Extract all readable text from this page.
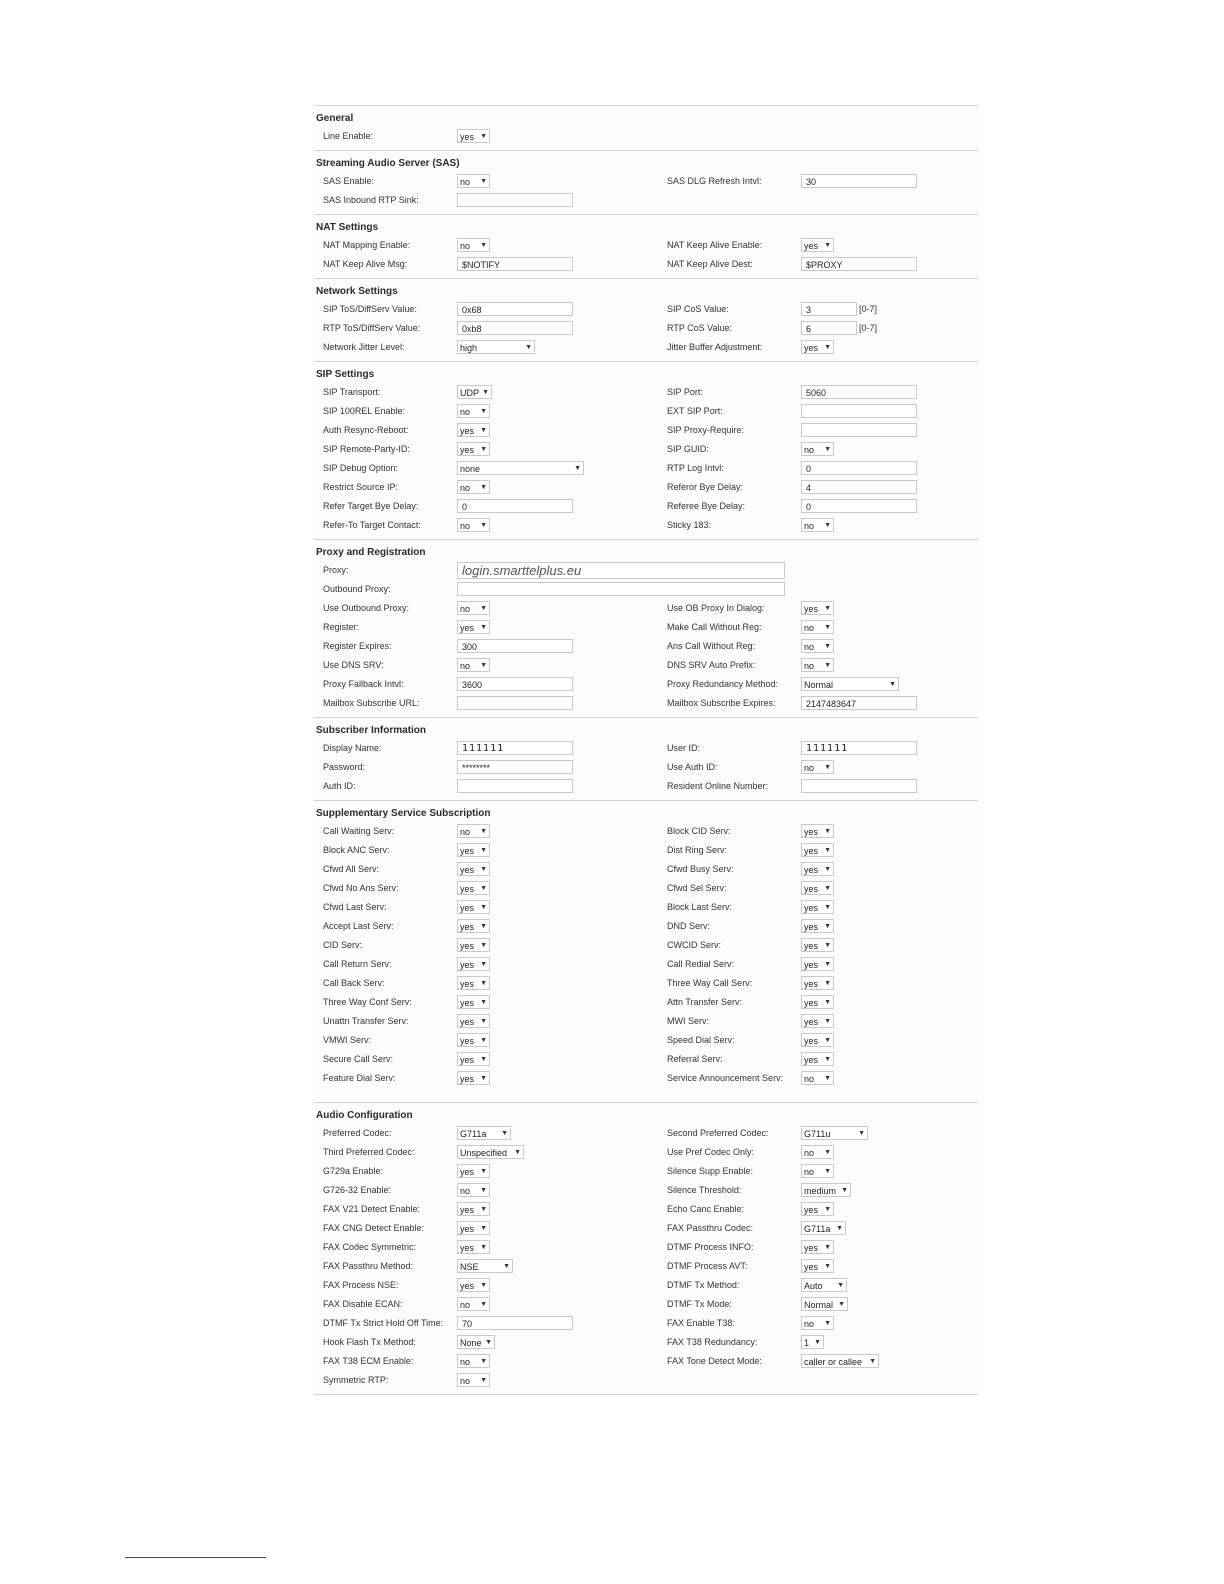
General
Line Enable:	yes ▼
Streaming Audio Server (SAS)
SAS Enable:	no ▼	SAS DLG Refresh Intvl:	30
SAS Inbound RTP Sink:
NAT Settings
NAT Mapping Enable:	no ▼	NAT Keep Alive Enable:	yes ▼
NAT Keep Alive Msg:	$NOTIFY	NAT Keep Alive Dest:	$PROXY
Network Settings
SIP ToS/DiffServ Value:	0x68	SIP CoS Value:	3	[0-7]
RTP ToS/DiffServ Value:	0xb8	RTP CoS Value:	6	[0-7]
Network Jitter Level:	high	▼	Jitter Buffer Adjustment:	yes ▼
SIP Settings
SIP Transport:	UDP ▼	SIP Port:	5060
SIP 100REL Enable:	no ▼	EXT SIP Port:
Auth Resync-Reboot:	yes ▼	SIP Proxy-Require:
SIP Remote-Party-ID:	yes ▼	SIP GUID:	no ▼
SIP Debug Option:	none	▼	RTP Log Intvl:	0
Restrict Source IP:	no ▼	Referor Bye Delay:	4
Refer Target Bye Delay:	0	Referee Bye Delay:	0
Refer-To Target Contact:	no ▼	Sticky 183:	no ▼
Proxy and Registration
Proxy:	login.smarttelplus.eu
Outbound Proxy:
Use Outbound Proxy:	no ▼	Use OB Proxy In Dialog:	yes ▼
Register:	yes ▼	Make Call Without Reg:	no ▼
Register Expires:	300	Ans Call Without Reg:	no ▼
Use DNS SRV:	no ▼	DNS SRV Auto Prefix:	no ▼
Proxy Fallback Intvl:	3600	Proxy Redundancy Method:	Normal	▼
Mailbox Subscribe URL:	Mailbox Subscribe Expires:	2147483647
Subscriber Information
Display Name:	111111	User ID:	111111
Password:	********	Use Auth ID:	no ▼
Auth ID:	Resident Online Number:
Supplementary Service Subscription
Call Waiting Serv:	no ▼	Block CID Serv:	yes ▼
Block ANC Serv:	yes ▼	Dist Ring Serv:	yes ▼
Cfwd All Serv:	yes ▼	Cfwd Busy Serv:	yes ▼
Cfwd No Ans Serv:	yes ▼	Cfwd Sel Serv:	yes ▼
Cfwd Last Serv:	yes ▼	Block Last Serv:	yes ▼
Accept Last Serv:	yes ▼	DND Serv:	yes ▼
CID Serv:	yes ▼	CWCID Serv:	yes ▼
Call Return Serv:	yes ▼	Call Redial Serv:	yes ▼
Call Back Serv:	yes ▼	Three Way Call Serv:	yes ▼
Three Way Conf Serv:	yes ▼	Attn Transfer Serv:	yes ▼
Unattn Transfer Serv:	yes ▼	MWI Serv:	yes ▼
VMWI Serv:	yes ▼	Speed Dial Serv:	yes ▼
Secure Call Serv:	yes ▼	Referral Serv:	yes ▼
Feature Dial Serv:	yes ▼	Service Announcement Serv:	no ▼
Audio Configuration
Preferred Codec:	G711a ▼	Second Preferred Codec:	G711u	▼
Third Preferred Codec:	Unspecified ▼	Use Pref Codec Only:	no ▼
G729a Enable:	yes ▼	Silence Supp Enable:	no ▼
G726-32 Enable:	no ▼	Silence Threshold:	medium ▼
FAX V21 Detect Enable:	yes ▼	Echo Canc Enable:	yes ▼
FAX CNG Detect Enable:	yes ▼	FAX Passthru Codec:	G711a ▼
FAX Codec Symmetric:	yes ▼	DTMF Process INFO:	yes ▼
FAX Passthru Method:	NSE	▼	DTMF Process AVT:	yes ▼
FAX Process NSE:	yes ▼	DTMF Tx Method:	Auto ▼
FAX Disable ECAN:	no ▼	DTMF Tx Mode:	Normal ▼
DTMF Tx Strict Hold Off Time:	70	FAX Enable T38:	no ▼
Hook Flash Tx Method:	None ▼	FAX T38 Redundancy:	1 ▼
FAX T38 ECM Enable:	no ▼	FAX Tone Detect Mode:	caller or callee ▼
Symmetric RTP:	no ▼
